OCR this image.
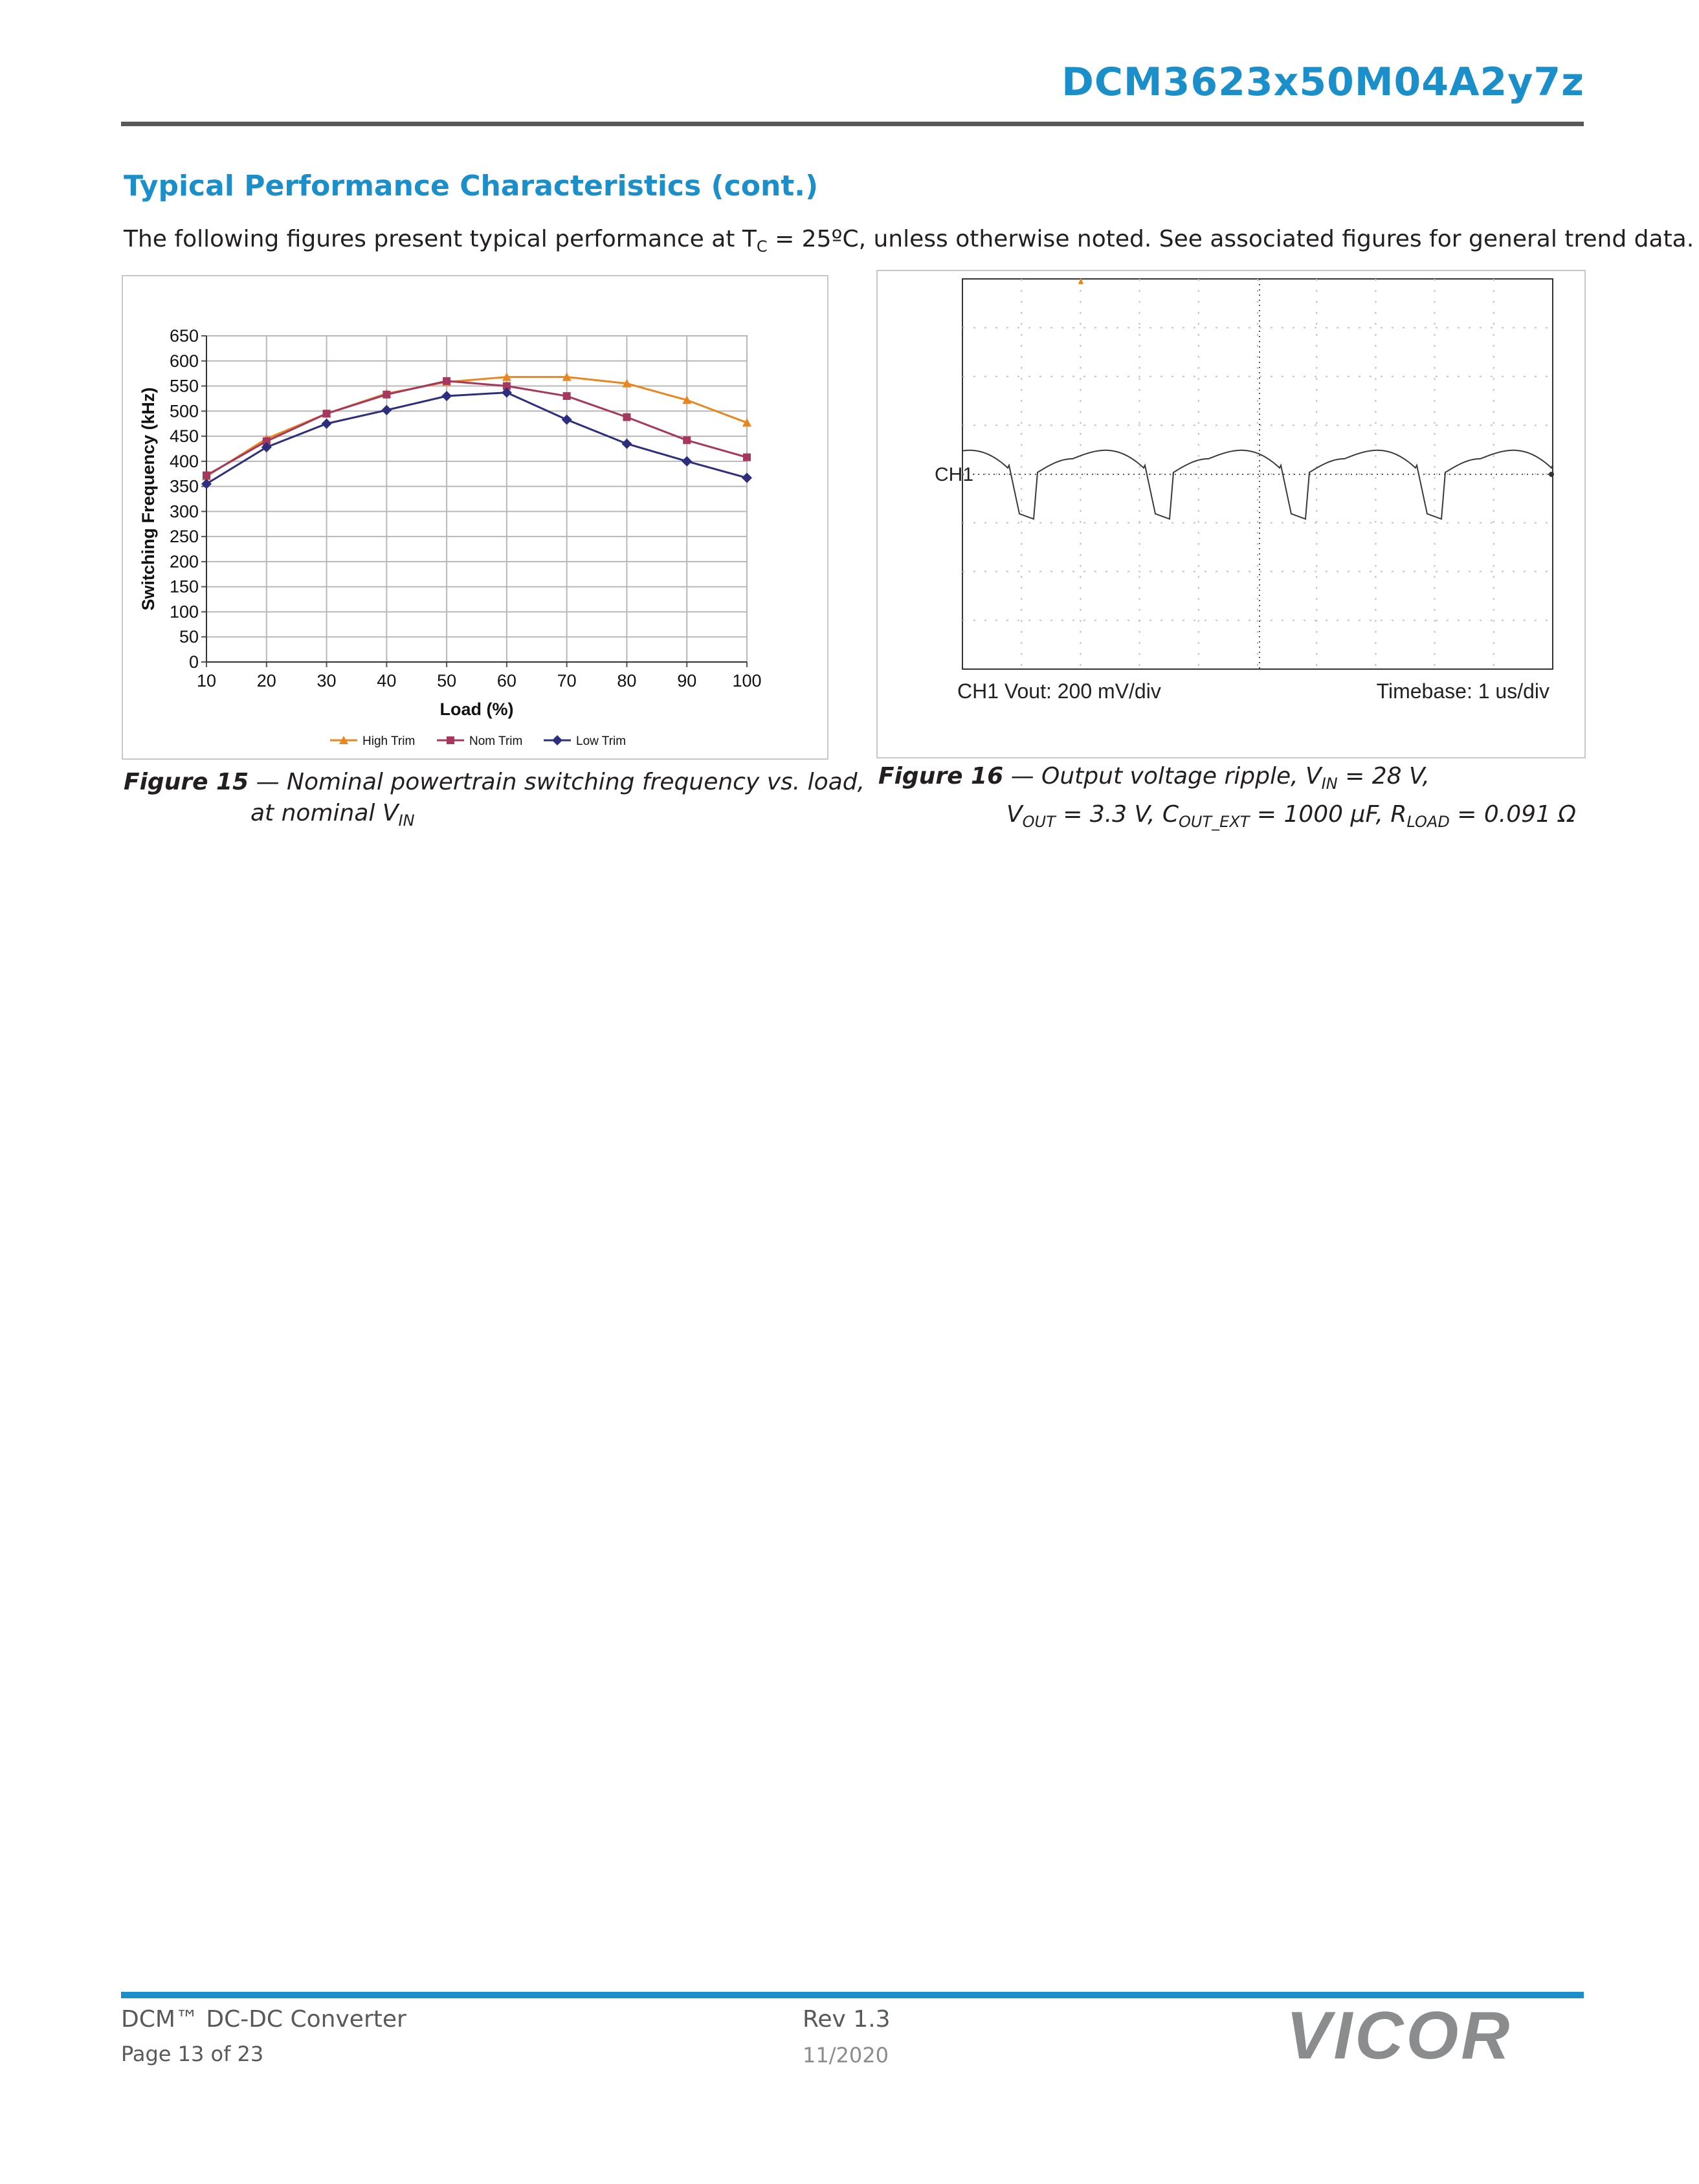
DCM3623x50M04A2y7z
Typical Performance Characteristics (cont.)
The following figures present typical performance at $T_C$ = 25ºC, unless otherwise noted. See associated figures for general trend data.
0
50
100
150
200
250
300
350
400
450
500
550
600
650
10 20 30 40 50 60 70 80 90 100
Load (%)
Switching Frequency (kHz)
High Trim	Nom Trim	Low Trim
Figure 15 — Nominal powertrain switching frequency vs. load,
at nominal $V_{IN}$
CH1
CH1 Vout: 200 mV/div	Timebase: 1 us/div
Figure 16 — Output voltage ripple, $V_{IN} = 28$ V,
$V_{OUT} = 3.3$ V, $C_{OUT\_EXT} = 1000$ µF, $R_{LOAD} = 0.091$ Ω
DCM™ DC-DC Converter
Page 13 of 23
Rev 1.3
11/2020	VICOR
